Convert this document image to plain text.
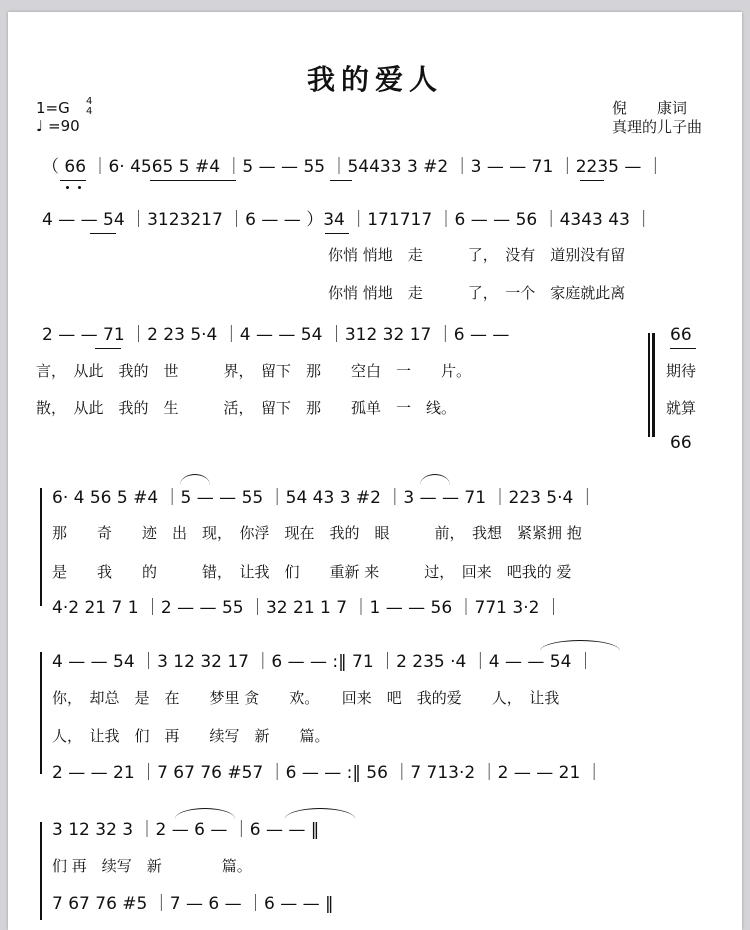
我的爱人
1=G 4
4
♩ =90
倪　　康词
真理的儿子曲
（ 66 ｜6· 4565 5 #4 ｜5 — — 55 ｜54433 3 #2 ｜3 — — 71 ｜2235 — ｜
4 — — 54 ｜3123217 ｜6 — — ）34 ｜171717 ｜6 — — 56 ｜4343 43 ｜
你悄 悄地　走　　　了，　没有　道别没有留
你悄 悄地　走　　　了，　一个　家庭就此离
2 — — 71 ｜2 23 5·4 ｜4 — — 54 ｜312 32 17 ｜6 — —
言，　从此　我的　世　　　界，　留下　那　　空白　一　　片。
散，　从此　我的　生　　　活，　留下　那　　孤单　一　线。
66
期待
就算
66
6· 4 56 5 #4 ｜5 — — 55 ｜54 43 3 #2 ｜3 — — 71 ｜223 5·4 ｜
那　　奇　　迹　出　现，　你浮　现在　我的　眼　　　前，　我想　紧紧拥 抱
是　　我　　的　　　错，　让我　们　　重新 来　　　过，　回来　吧我的 爱
4·2 21 7 1 ｜2 — — 55 ｜32 21 1 7 ｜1 — — 56 ｜771 3·2 ｜
4 — — 54 ｜3 12 32 17 ｜6 — — :‖ 71 ｜2 235 ·4 ｜4 — — 54 ｜
你，　却总　是　在　　梦里 贪　　欢。　　回来　吧　我的爱　　人，　让我
人，　让我　们　再　　续写　新　　篇。
2 — — 21 ｜7 67 76 #57 ｜6 — — :‖ 56 ｜7 713·2 ｜2 — — 21 ｜
3 12 32 3 ｜2 — 6 — ｜6 — — ‖
们 再　续写　新　　　　篇。
7 67 76 #5 ｜7 — 6 — ｜6 — — ‖
